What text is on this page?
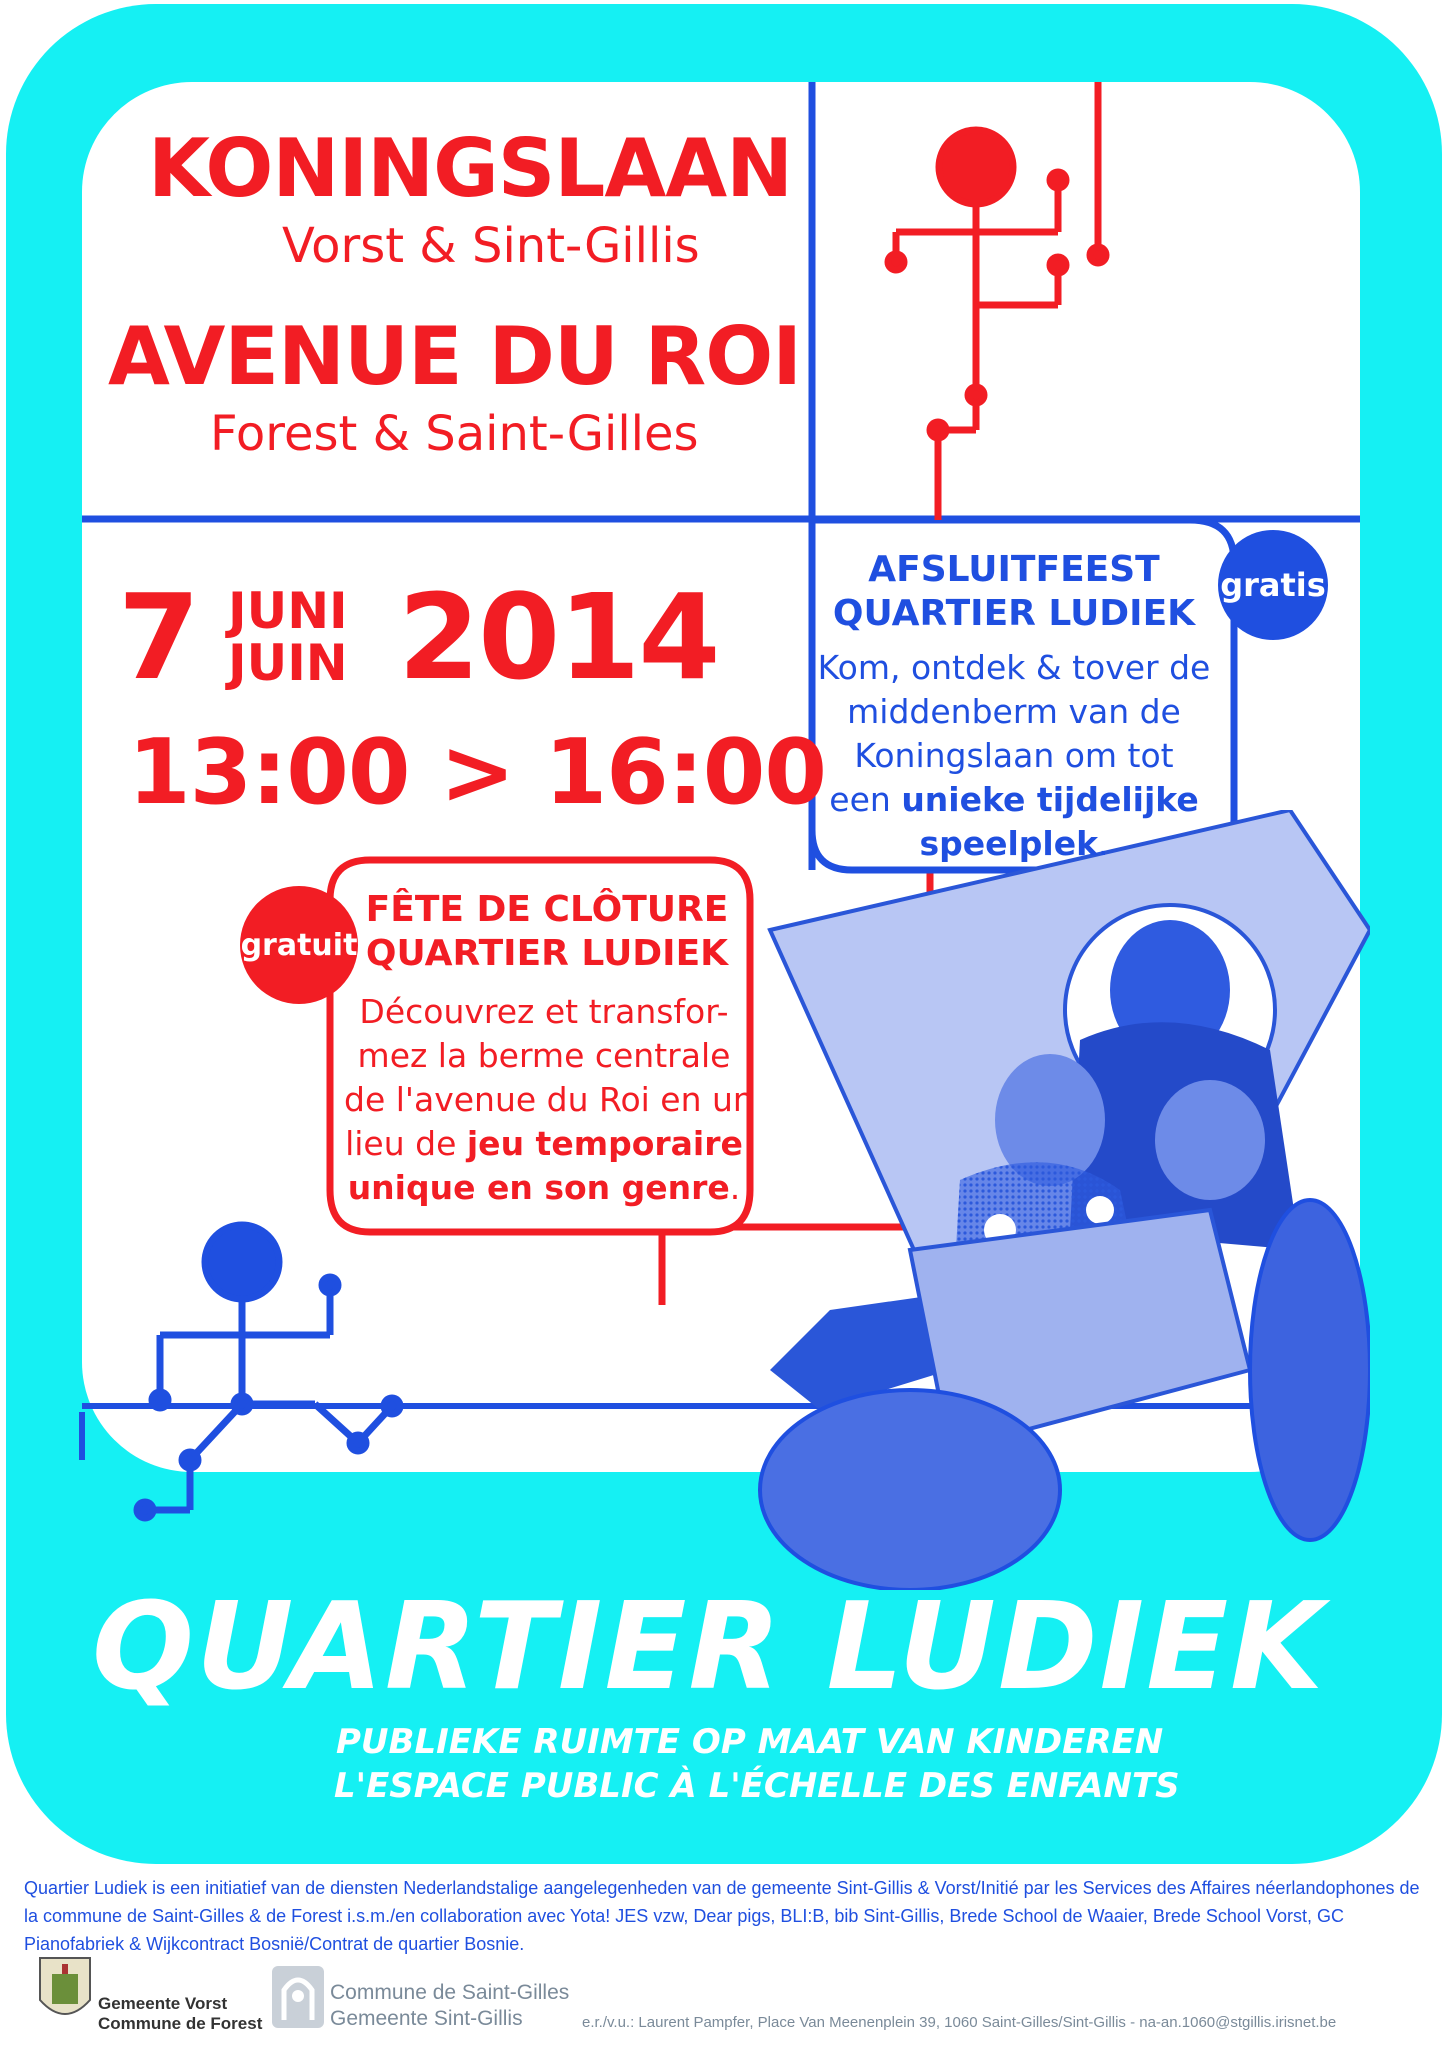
KONINGSLAAN
Vorst & Sint-Gillis
AVENUE DU ROI
Forest & Saint-Gilles
7 JUNI
JUIN 2014
13:00 > 16:00
gratis
AFSLUITFEEST
QUARTIER LUDIEK
Kom, ontdek & tover de
middenberm van de
Koningslaan om tot
een unieke tijdelijke
speelplek.
gratuit
FÊTE DE CLÔTURE
QUARTIER LUDIEK
Découvrez et transfor-
mez la berme centrale
de l'avenue du Roi en un
lieu de jeu temporaire
unique en son genre.
QUARTIER LUDIEK
PUBLIEKE RUIMTE OP MAAT VAN KINDEREN
L'ESPACE PUBLIC À L'ÉCHELLE DES ENFANTS
Quartier Ludiek is een initiatief van de diensten Nederlandstalige aangelegenheden van de gemeente Sint-Gillis & Vorst/Initié par les Services des Affaires néerlandophones de la commune de Saint-Gilles & de Forest i.s.m./en collaboration avec Yota! JES vzw, Dear pigs, BLI:B, bib Sint-Gillis, Brede School de Waaier, Brede School Vorst, GC Pianofabriek & Wijkcontract Bosnië/Contrat de quartier Bosnie.
Gemeente Vorst
Commune de Forest
Commune de Saint-Gilles
Gemeente Sint-Gillis	e.r./v.u.: Laurent Pampfer, Place Van Meenenplein 39, 1060 Saint-Gilles/Sint-Gillis - na-an.1060@stgillis.irisnet.be
